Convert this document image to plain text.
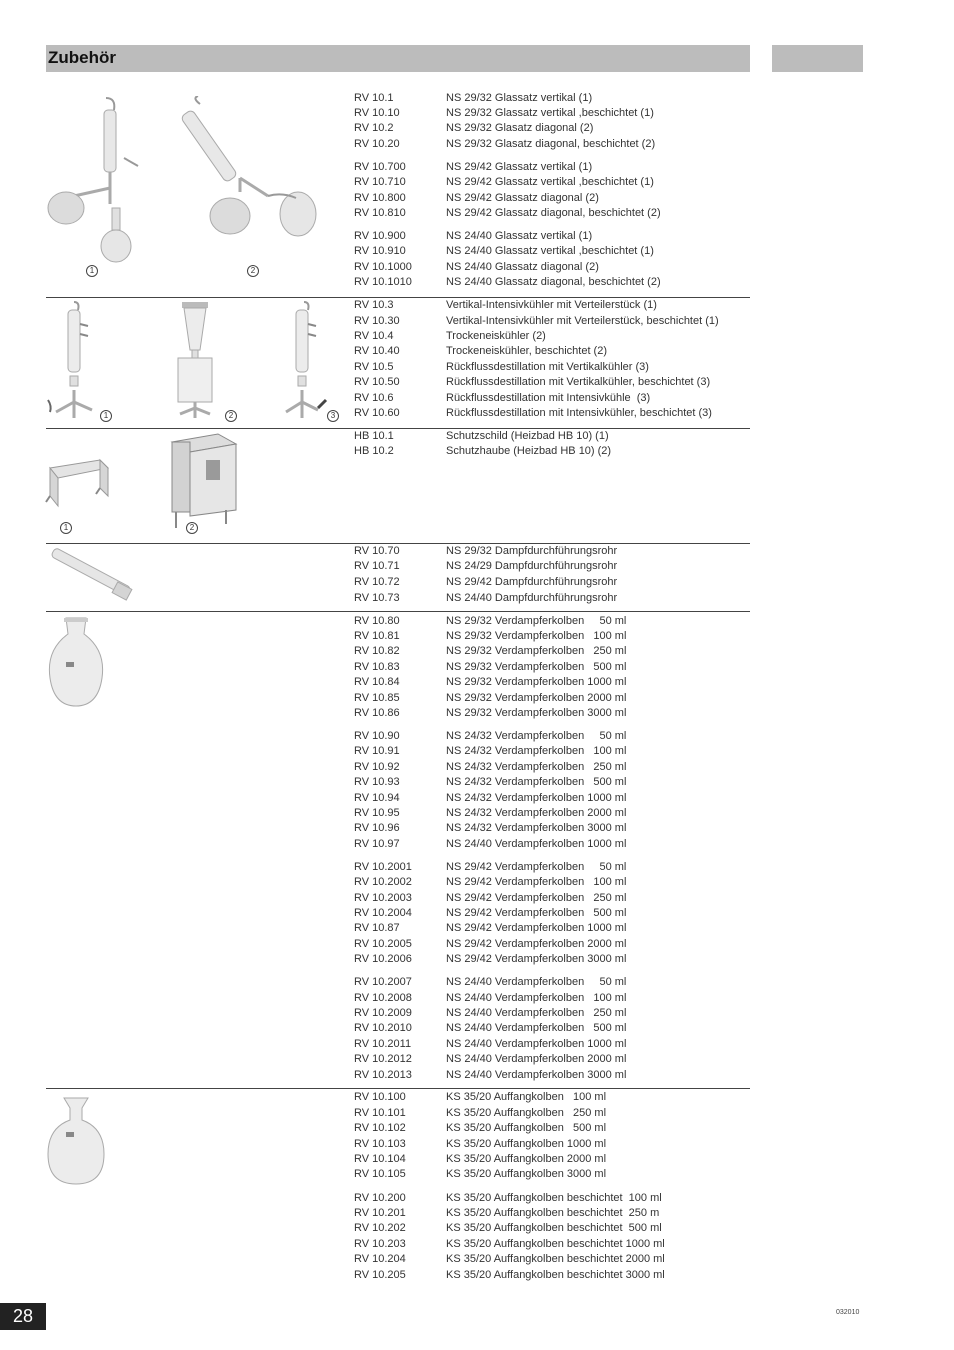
Zubehör
1	2
1	2	3
1	2
RV 10.1	NS 29/32 Glassatz vertikal (1)
RV 10.10	NS 29/32 Glassatz vertikal ,beschichtet (1)
RV 10.2	NS 29/32 Glasatz diagonal (2)
RV 10.20	NS 29/32 Glasatz diagonal, beschichtet (2)
RV 10.700	NS 29/42 Glassatz vertikal (1)
RV 10.710	NS 29/42 Glassatz vertikal ,beschichtet (1)
RV 10.800	NS 29/42 Glassatz diagonal (2)
RV 10.810	NS 29/42 Glassatz diagonal, beschichtet (2)
RV 10.900	NS 24/40 Glassatz vertikal (1)
RV 10.910	NS 24/40 Glassatz vertikal ,beschichtet (1)
RV 10.1000	NS 24/40 Glassatz diagonal (2)
RV 10.1010	NS 24/40 Glassatz diagonal, beschichtet (2)
RV 10.3	Vertikal-Intensivkühler mit Verteilerstück (1)
RV 10.30	Vertikal-Intensivkühler mit Verteilerstück, beschichtet (1)
RV 10.4	Trockeneiskühler (2)
RV 10.40	Trockeneiskühler, beschichtet (2)
RV 10.5	Rückflussdestillation mit Vertikalkühler (3)
RV 10.50	Rückflussdestillation mit Vertikalkühler, beschichtet (3)
RV 10.6	Rückflussdestillation mit Intensivkühle  (3)
RV 10.60	Rückflussdestillation mit Intensivkühler, beschichtet (3)
HB 10.1	Schutzschild (Heizbad HB 10) (1)
HB 10.2	Schutzhaube (Heizbad HB 10) (2)
RV 10.70	NS 29/32 Dampfdurchführungsrohr
RV 10.71	NS 24/29 Dampfdurchführungsrohr
RV 10.72	NS 29/42 Dampfdurchführungsrohr
RV 10.73	NS 24/40 Dampfdurchführungsrohr
RV 10.80	NS 29/32 Verdampferkolben     50 ml
RV 10.81	NS 29/32 Verdampferkolben   100 ml
RV 10.82	NS 29/32 Verdampferkolben   250 ml
RV 10.83	NS 29/32 Verdampferkolben   500 ml
RV 10.84	NS 29/32 Verdampferkolben 1000 ml
RV 10.85	NS 29/32 Verdampferkolben 2000 ml
RV 10.86	NS 29/32 Verdampferkolben 3000 ml
RV 10.90	NS 24/32 Verdampferkolben     50 ml
RV 10.91	NS 24/32 Verdampferkolben   100 ml
RV 10.92	NS 24/32 Verdampferkolben   250 ml
RV 10.93	NS 24/32 Verdampferkolben   500 ml
RV 10.94	NS 24/32 Verdampferkolben 1000 ml
RV 10.95	NS 24/32 Verdampferkolben 2000 ml
RV 10.96	NS 24/32 Verdampferkolben 3000 ml
RV 10.97	NS 24/40 Verdampferkolben 1000 ml
RV 10.2001	NS 29/42 Verdampferkolben     50 ml
RV 10.2002	NS 29/42 Verdampferkolben   100 ml
RV 10.2003	NS 29/42 Verdampferkolben   250 ml
RV 10.2004	NS 29/42 Verdampferkolben   500 ml
RV 10.87	NS 29/42 Verdampferkolben 1000 ml
RV 10.2005	NS 29/42 Verdampferkolben 2000 ml
RV 10.2006	NS 29/42 Verdampferkolben 3000 ml
RV 10.2007	NS 24/40 Verdampferkolben     50 ml
RV 10.2008	NS 24/40 Verdampferkolben   100 ml
RV 10.2009	NS 24/40 Verdampferkolben   250 ml
RV 10.2010	NS 24/40 Verdampferkolben   500 ml
RV 10.2011	NS 24/40 Verdampferkolben 1000 ml
RV 10.2012	NS 24/40 Verdampferkolben 2000 ml
RV 10.2013	NS 24/40 Verdampferkolben 3000 ml
RV 10.100	KS 35/20 Auffangkolben   100 ml
RV 10.101	KS 35/20 Auffangkolben   250 ml
RV 10.102	KS 35/20 Auffangkolben   500 ml
RV 10.103	KS 35/20 Auffangkolben 1000 ml
RV 10.104	KS 35/20 Auffangkolben 2000 ml
RV 10.105	KS 35/20 Auffangkolben 3000 ml
RV 10.200	KS 35/20 Auffangkolben beschichtet  100 ml
RV 10.201	KS 35/20 Auffangkolben beschichtet  250 m
RV 10.202	KS 35/20 Auffangkolben beschichtet  500 ml
RV 10.203	KS 35/20 Auffangkolben beschichtet 1000 ml
RV 10.204	KS 35/20 Auffangkolben beschichtet 2000 ml
RV 10.205	KS 35/20 Auffangkolben beschichtet 3000 ml
28	032010
